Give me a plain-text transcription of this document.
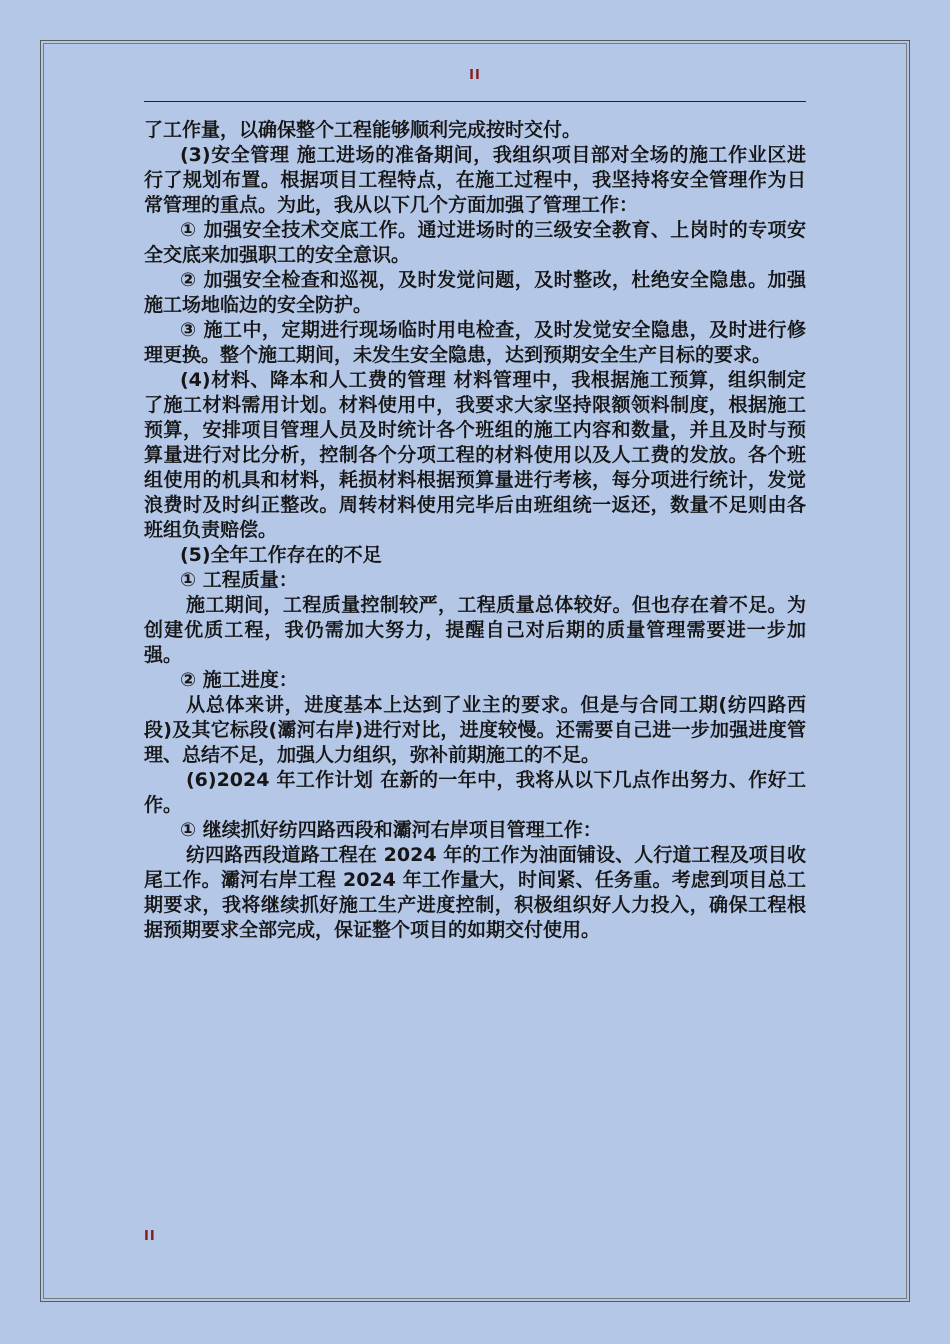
II

了工作量，以确保整个工程能够顺利完成按时交付。

(3)安全管理 施工进场的准备期间，我组织项目部对全场的施工作业区进行了规划布置。根据项目工程特点，在施工过程中，我坚持将安全管理作为日常管理的重点。为此，我从以下几个方面加强了管理工作：

① 加强安全技术交底工作。通过进场时的三级安全教育、上岗时的专项安全交底来加强职工的安全意识。

② 加强安全检查和巡视，及时发觉问题，及时整改，杜绝安全隐患。加强施工场地临边的安全防护。

③ 施工中，定期进行现场临时用电检查，及时发觉安全隐患，及时进行修理更换。整个施工期间，未发生安全隐患，达到预期安全生产目标的要求。

(4)材料、降本和人工费的管理 材料管理中，我根据施工预算，组织制定了施工材料需用计划。材料使用中，我要求大家坚持限额领料制度，根据施工预算，安排项目管理人员及时统计各个班组的施工内容和数量，并且及时与预算量进行对比分析，控制各个分项工程的材料使用以及人工费的发放。各个班组使用的机具和材料，耗损材料根据预算量进行考核，每分项进行统计，发觉浪费时及时纠正整改。周转材料使用完毕后由班组统一返还，数量不足则由各班组负责赔偿。

(5)全年工作存在的不足

① 工程质量：

施工期间，工程质量控制较严，工程质量总体较好。但也存在着不足。为创建优质工程，我仍需加大努力，提醒自己对后期的质量管理需要进一步加强。

② 施工进度：

从总体来讲，进度基本上达到了业主的要求。但是与合同工期(纺四路西段)及其它标段(灞河右岸)进行对比，进度较慢。还需要自己进一步加强进度管理、总结不足，加强人力组织，弥补前期施工的不足。

(6)2024 年工作计划 在新的一年中，我将从以下几点作出努力、作好工作。

① 继续抓好纺四路西段和灞河右岸项目管理工作：

纺四路西段道路工程在 2024 年的工作为油面铺设、人行道工程及项目收尾工作。灞河右岸工程 2024 年工作量大，时间紧、任务重。考虑到项目总工期要求，我将继续抓好施工生产进度控制，积极组织好人力投入，确保工程根据预期要求全部完成，保证整个项目的如期交付使用。

II
